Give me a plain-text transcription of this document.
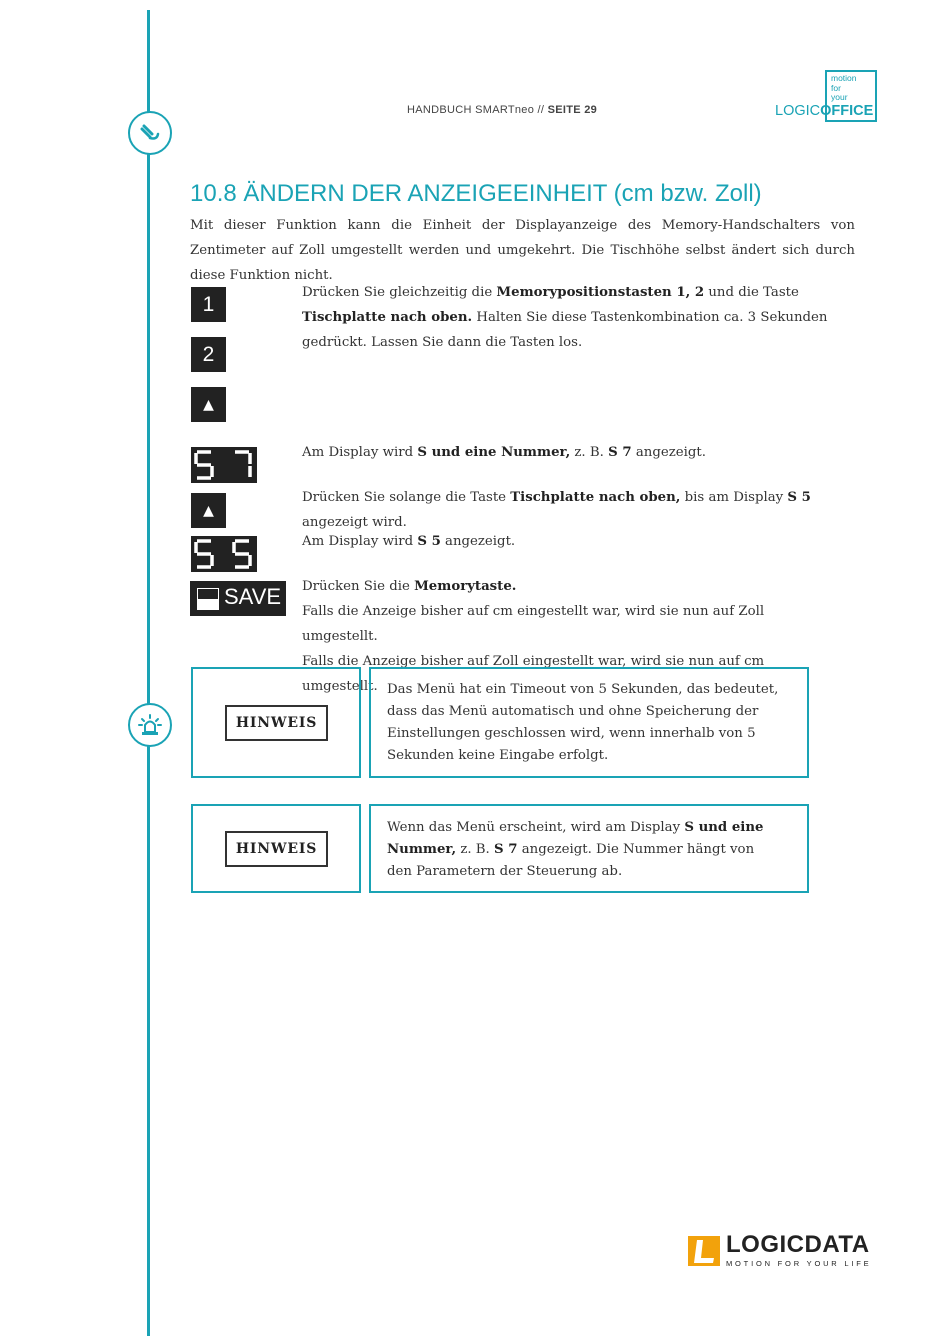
HANDBUCH SMARTneo // SEITE 29
motion
for
your
LOGICOFFICE
10.8 ÄNDERN DER ANZEIGEEINHEIT (cm bzw. Zoll)
Mit dieser Funktion kann die Einheit der Displayanzeige des Memory-Handschalters von Zentimeter auf Zoll umgestellt werden und umgekehrt. Die Tischhöhe selbst ändert sich durch diese Funktion nicht.
1
2
▲
▲
SAVE
Drücken Sie gleichzeitig die Memorypositionstasten 1, 2 und die Taste Tischplatte nach oben. Halten Sie diese Tastenkombination ca. 3 Sekunden gedrückt. Lassen Sie dann die Tasten los.
Am Display wird S und eine Nummer, z. B. S 7 angezeigt.
Drücken Sie solange die Taste Tischplatte nach oben, bis am Display S 5 angezeigt wird.
Am Display wird S 5 angezeigt.
Drücken Sie die Memorytaste.
Falls die Anzeige bisher auf cm eingestellt war, wird sie nun auf Zoll umgestellt.
Falls die Anzeige bisher auf Zoll eingestellt war, wird sie nun auf cm umgestellt.
HINWEIS
Das Menü hat ein Timeout von 5 Sekunden, das bedeutet, dass das Menü automatisch und ohne Speicherung der Einstellungen geschlossen wird, wenn innerhalb von 5 Sekunden keine Eingabe erfolgt.
HINWEIS
Wenn das Menü erscheint, wird am Display S und eine Nummer, z. B. S 7 angezeigt. Die Nummer hängt von den Parametern der Steuerung ab.
LOGICDATA
MOTION FOR YOUR LIFE
